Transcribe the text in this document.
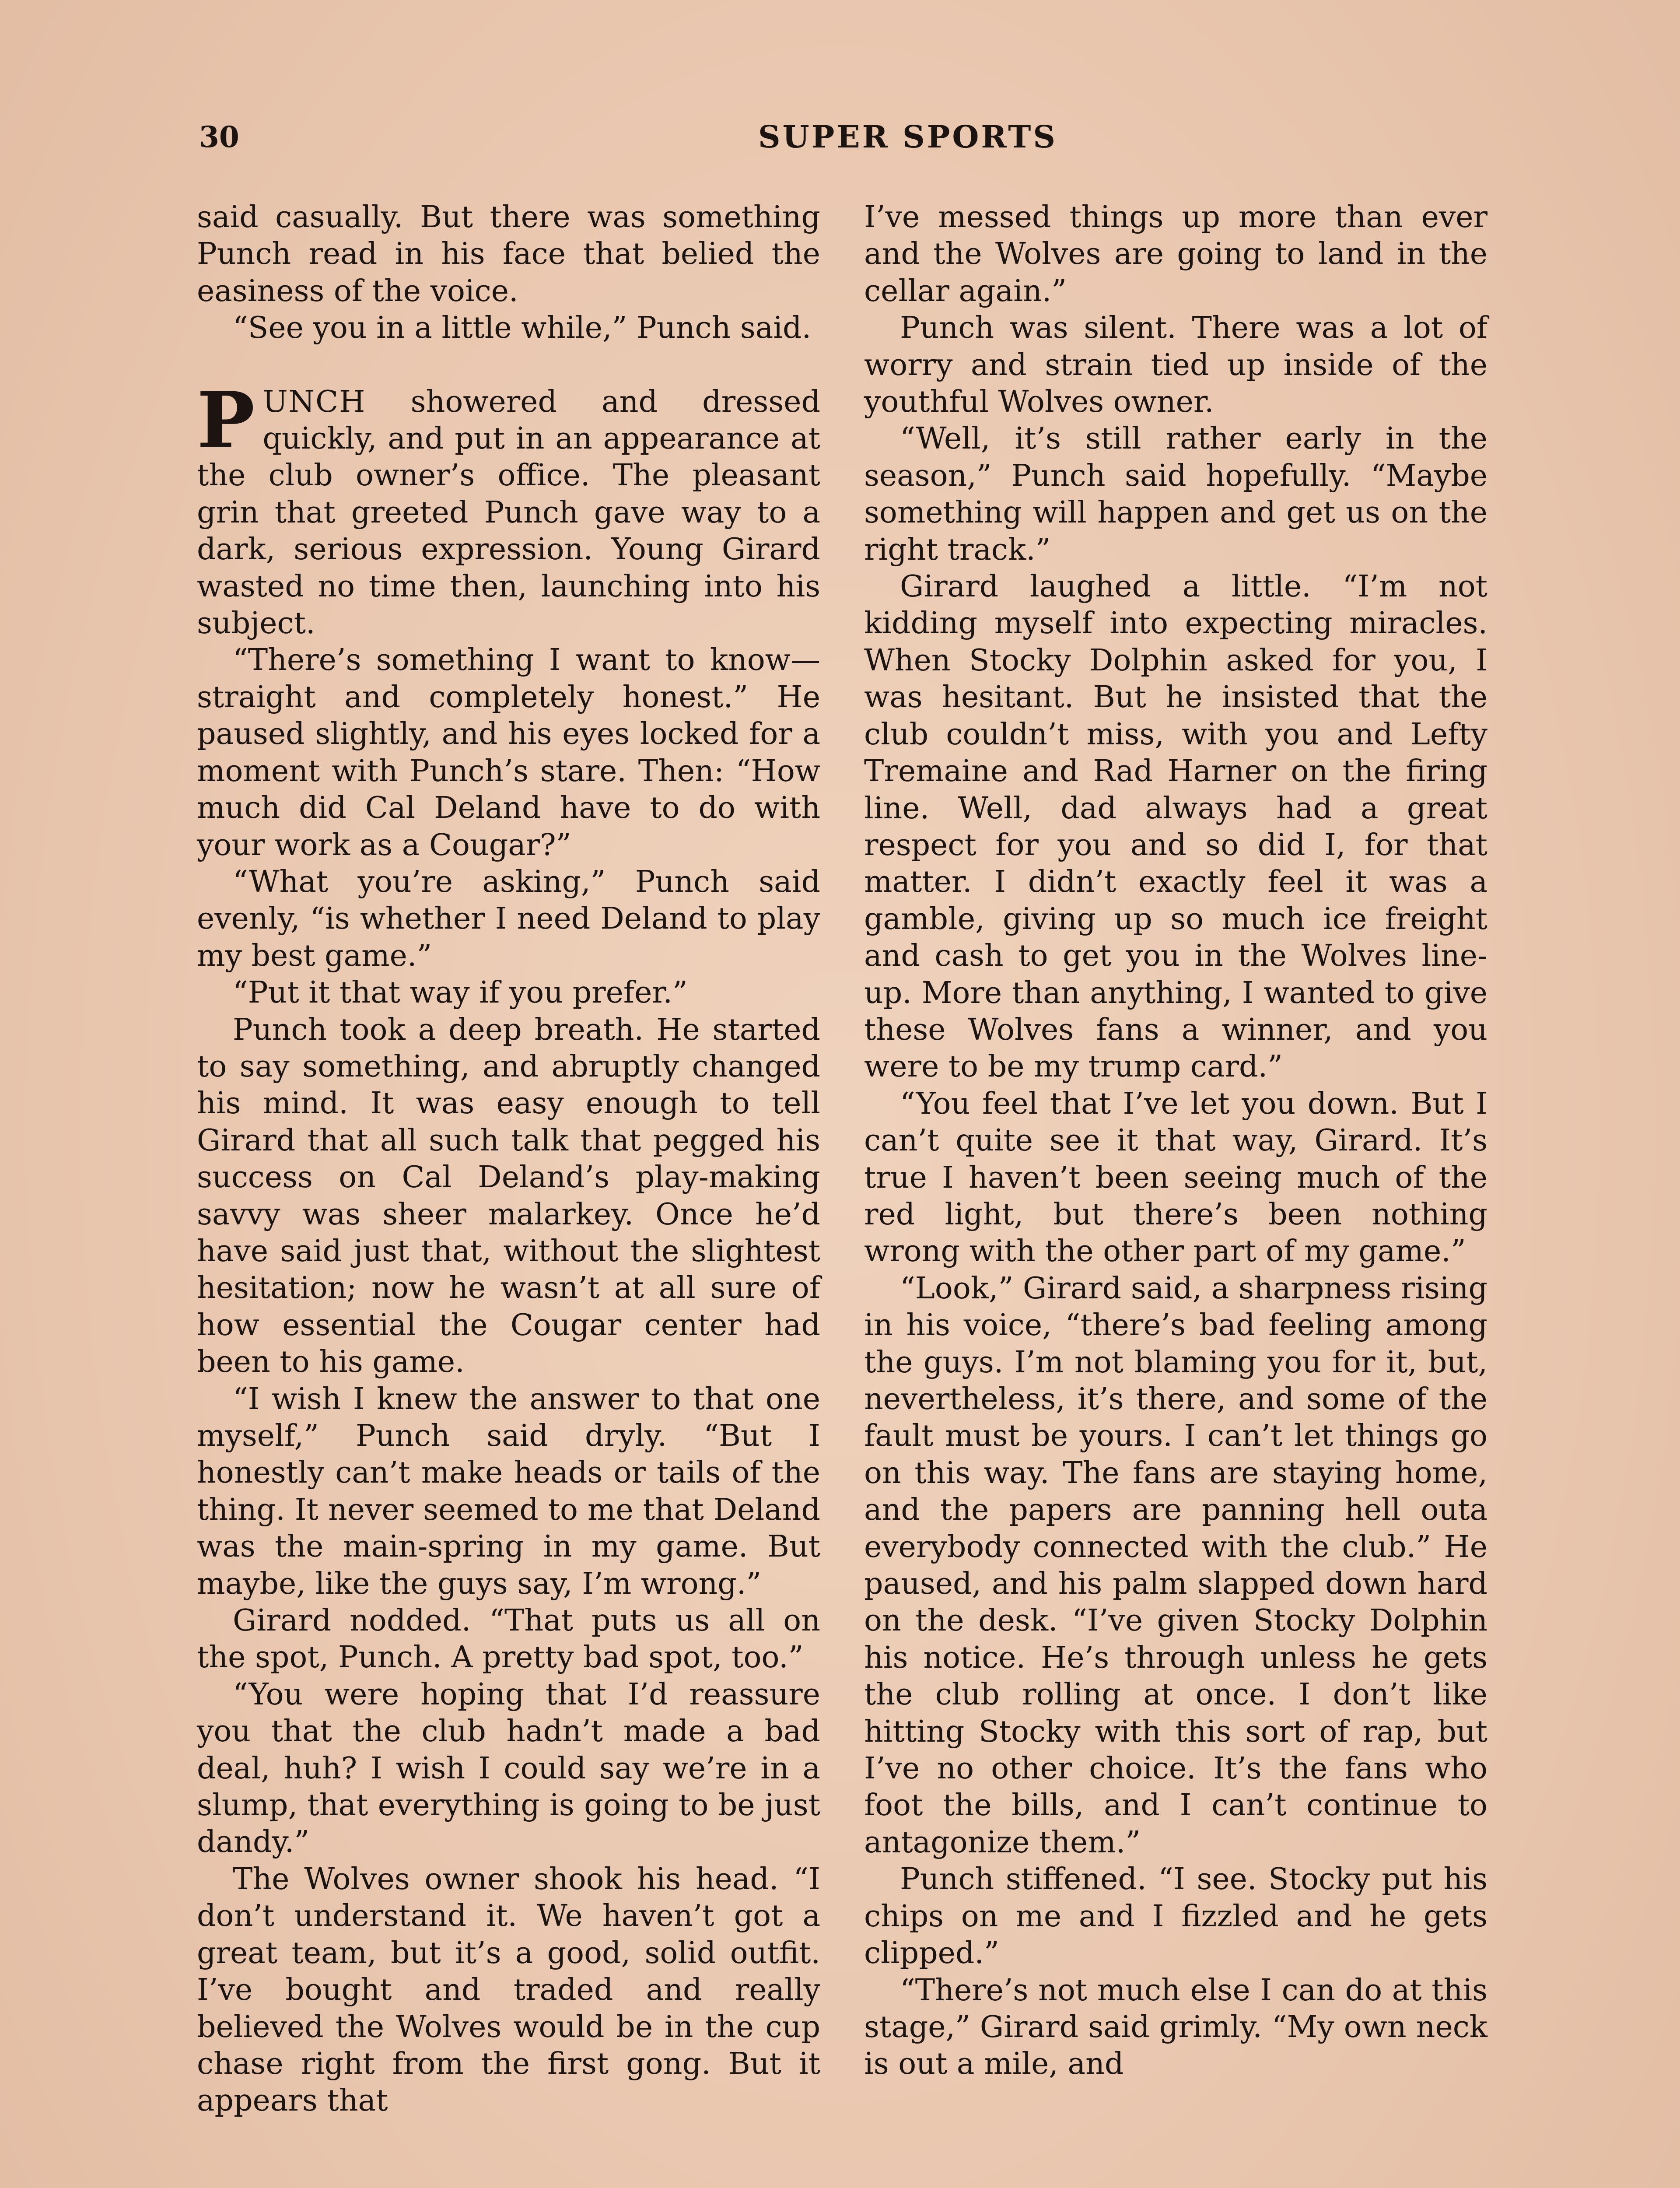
30	SUPER SPORTS

said casually. But there was something Punch read in his face that belied the easiness of the voice.

“See you in a little while,” Punch said.

PUNCH showered and dressed quickly, and put in an appearance at the club owner’s office. The pleasant grin that greeted Punch gave way to a dark, serious expression. Young Girard wasted no time then, launching into his subject.

“There’s something I want to know—straight and completely honest.” He paused slightly, and his eyes locked for a moment with Punch’s stare. Then: “How much did Cal Deland have to do with your work as a Cougar?”

“What you’re asking,” Punch said evenly, “is whether I need Deland to play my best game.”

“Put it that way if you prefer.”

Punch took a deep breath. He started to say something, and abruptly changed his mind. It was easy enough to tell Girard that all such talk that pegged his success on Cal Deland’s play-making savvy was sheer malarkey. Once he’d have said just that, without the slightest hesitation; now he wasn’t at all sure of how essential the Cougar center had been to his game.

“I wish I knew the answer to that one myself,” Punch said dryly. “But I honestly can’t make heads or tails of the thing. It never seemed to me that Deland was the main-spring in my game. But maybe, like the guys say, I’m wrong.”

Girard nodded. “That puts us all on the spot, Punch. A pretty bad spot, too.”

“You were hoping that I’d reassure you that the club hadn’t made a bad deal, huh? I wish I could say we’re in a slump, that everything is going to be just dandy.”

The Wolves owner shook his head. “I don’t understand it. We haven’t got a great team, but it’s a good, solid outfit. I’ve bought and traded and really believed the Wolves would be in the cup chase right from the first gong. But it appears that

I’ve messed things up more than ever and the Wolves are going to land in the cellar again.”

Punch was silent. There was a lot of worry and strain tied up inside of the youthful Wolves owner.

“Well, it’s still rather early in the season,” Punch said hopefully. “Maybe something will happen and get us on the right track.”

Girard laughed a little. “I’m not kidding myself into expecting miracles. When Stocky Dolphin asked for you, I was hesitant. But he insisted that the club couldn’t miss, with you and Lefty Tremaine and Rad Harner on the firing line. Well, dad always had a great respect for you and so did I, for that matter. I didn’t exactly feel it was a gamble, giving up so much ice freight and cash to get you in the Wolves line-up. More than anything, I wanted to give these Wolves fans a winner, and you were to be my trump card.”

“You feel that I’ve let you down. But I can’t quite see it that way, Girard. It’s true I haven’t been seeing much of the red light, but there’s been nothing wrong with the other part of my game.”

“Look,” Girard said, a sharpness rising in his voice, “there’s bad feeling among the guys. I’m not blaming you for it, but, nevertheless, it’s there, and some of the fault must be yours. I can’t let things go on this way. The fans are staying home, and the papers are panning hell outa everybody connected with the club.” He paused, and his palm slapped down hard on the desk. “I’ve given Stocky Dolphin his notice. He’s through unless he gets the club rolling at once. I don’t like hitting Stocky with this sort of rap, but I’ve no other choice. It’s the fans who foot the bills, and I can’t continue to antagonize them.”

Punch stiffened. “I see. Stocky put his chips on me and I fizzled and he gets clipped.”

“There’s not much else I can do at this stage,” Girard said grimly. “My own neck is out a mile, and
